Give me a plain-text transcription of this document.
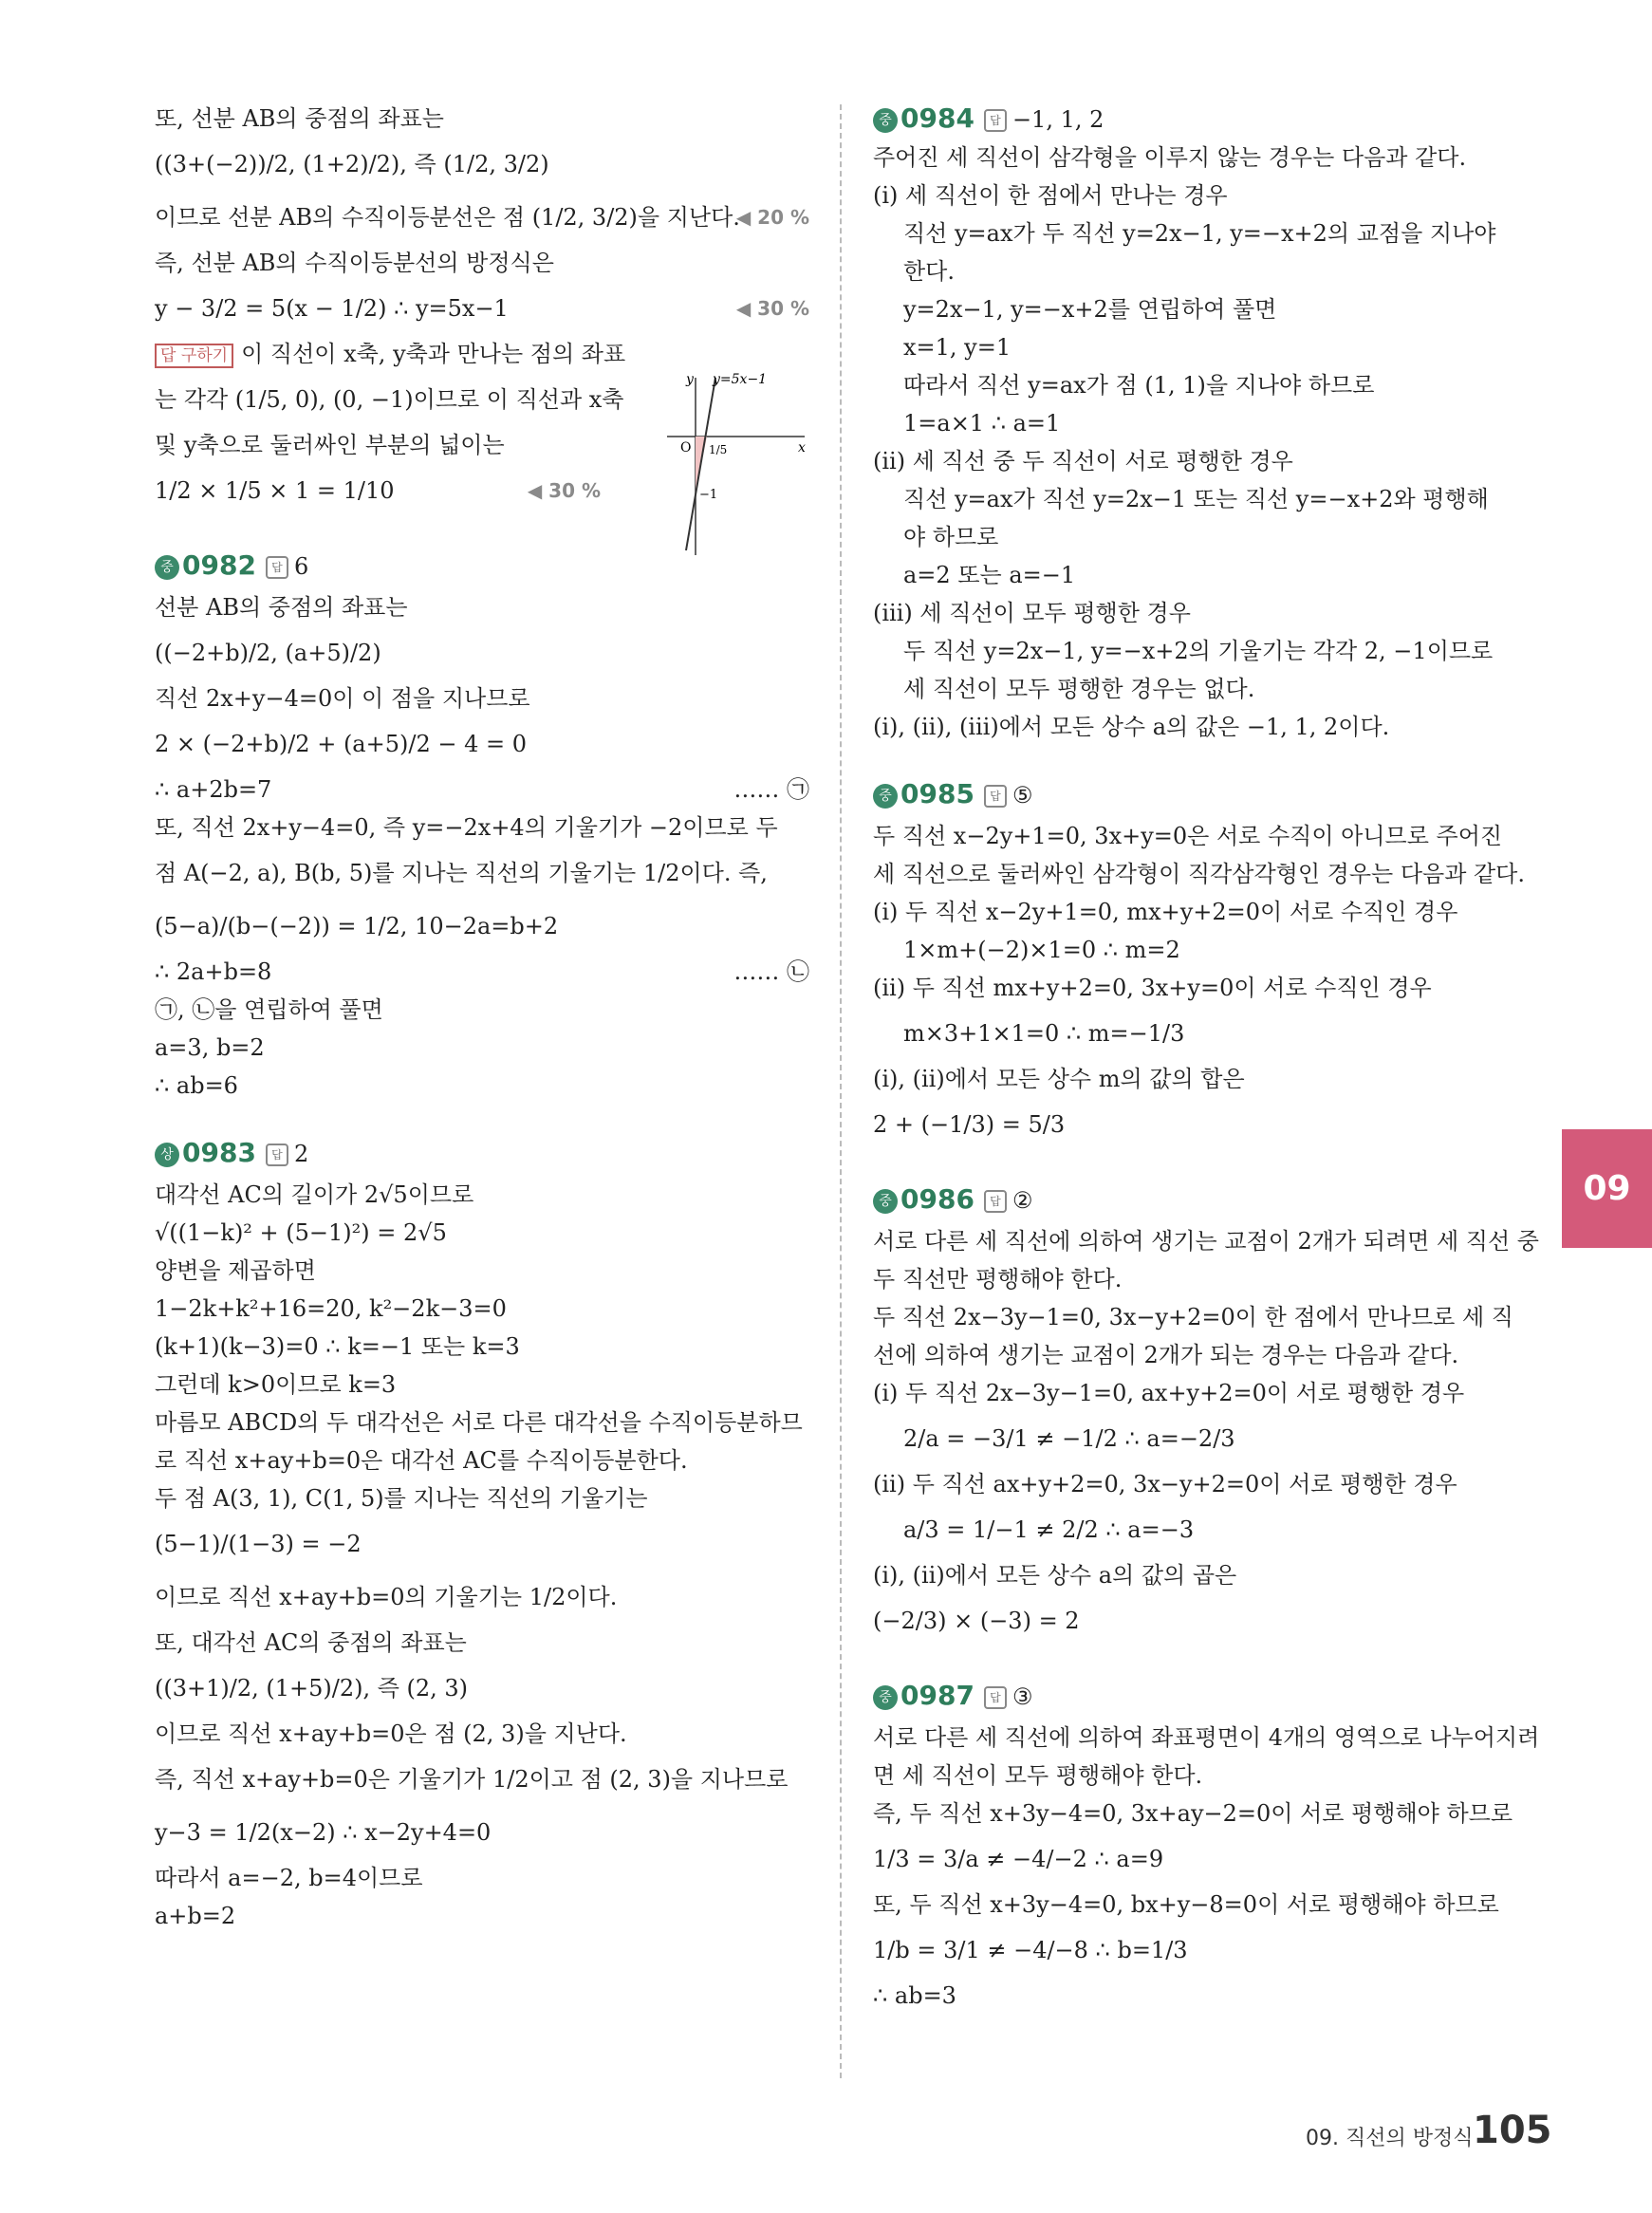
또, 선분 AB의 중점의 좌표는
((3+(−2))/2, (1+2)/2), 즉 (1/2, 3/2)
이므로 선분 AB의 수직이등분선은 점 (1/2, 3/2)을 지난다.
◀ 20 %
즉, 선분 AB의 수직이등분선의 방정식은
y − 3/2 = 5(x − 1/2) ∴ y=5x−1	◀ 30 %
답 구하기 이 직선이 x축, y축과 만나는 점의 좌표
는 각각 (1/5, 0), (0, −1)이므로 이 직선과 x축
및 y축으로 둘러싸인 부분의 넓이는
1/2 × 1/5 × 1 = 1/10	◀ 30 %
y y=5x−1
x
O 1/5
−1
중 0982 답 6
선분 AB의 중점의 좌표는
((−2+b)/2, (a+5)/2)
직선 2x+y−4=0이 이 점을 지나므로
2 × (−2+b)/2 + (a+5)/2 − 4 = 0
∴ a+2b=7	…… ㉠
또, 직선 2x+y−4=0, 즉 y=−2x+4의 기울기가 −2이므로 두
점 A(−2, a), B(b, 5)를 지나는 직선의 기울기는 1/2이다. 즉,
(5−a)/(b−(−2)) = 1/2, 10−2a=b+2
∴ 2a+b=8	…… ㉡
㉠, ㉡을 연립하여 풀면
a=3, b=2
∴ ab=6
상 0983 답 2
대각선 AC의 길이가 2√5이므로
√((1−k)² + (5−1)²) = 2√5
양변을 제곱하면
1−2k+k²+16=20, k²−2k−3=0
(k+1)(k−3)=0 ∴ k=−1 또는 k=3
그런데 k>0이므로 k=3
마름모 ABCD의 두 대각선은 서로 다른 대각선을 수직이등분하므
로 직선 x+ay+b=0은 대각선 AC를 수직이등분한다.
두 점 A(3, 1), C(1, 5)를 지나는 직선의 기울기는
(5−1)/(1−3) = −2
이므로 직선 x+ay+b=0의 기울기는 1/2이다.
또, 대각선 AC의 중점의 좌표는
((3+1)/2, (1+5)/2), 즉 (2, 3)
이므로 직선 x+ay+b=0은 점 (2, 3)을 지난다.
즉, 직선 x+ay+b=0은 기울기가 1/2이고 점 (2, 3)을 지나므로
y−3 = 1/2(x−2) ∴ x−2y+4=0
따라서 a=−2, b=4이므로
a+b=2
중 0984 답 −1, 1, 2
주어진 세 직선이 삼각형을 이루지 않는 경우는 다음과 같다.
(ⅰ) 세 직선이 한 점에서 만나는 경우
직선 y=ax가 두 직선 y=2x−1, y=−x+2의 교점을 지나야
한다.
y=2x−1, y=−x+2를 연립하여 풀면
x=1, y=1
따라서 직선 y=ax가 점 (1, 1)을 지나야 하므로
1=a×1 ∴ a=1
(ⅱ) 세 직선 중 두 직선이 서로 평행한 경우
직선 y=ax가 직선 y=2x−1 또는 직선 y=−x+2와 평행해
야 하므로
a=2 또는 a=−1
(ⅲ) 세 직선이 모두 평행한 경우
두 직선 y=2x−1, y=−x+2의 기울기는 각각 2, −1이므로
세 직선이 모두 평행한 경우는 없다.
(ⅰ), (ⅱ), (ⅲ)에서 모든 상수 a의 값은 −1, 1, 2이다.
중 0985 답 ⑤
두 직선 x−2y+1=0, 3x+y=0은 서로 수직이 아니므로 주어진
세 직선으로 둘러싸인 삼각형이 직각삼각형인 경우는 다음과 같다.
(ⅰ) 두 직선 x−2y+1=0, mx+y+2=0이 서로 수직인 경우
1×m+(−2)×1=0 ∴ m=2
(ⅱ) 두 직선 mx+y+2=0, 3x+y=0이 서로 수직인 경우
m×3+1×1=0 ∴ m=−1/3
(ⅰ), (ⅱ)에서 모든 상수 m의 값의 합은
2 + (−1/3) = 5/3
중 0986 답 ②
서로 다른 세 직선에 의하여 생기는 교점이 2개가 되려면 세 직선 중
두 직선만 평행해야 한다.
두 직선 2x−3y−1=0, 3x−y+2=0이 한 점에서 만나므로 세 직
선에 의하여 생기는 교점이 2개가 되는 경우는 다음과 같다.
(ⅰ) 두 직선 2x−3y−1=0, ax+y+2=0이 서로 평행한 경우
2/a = −3/1 ≠ −1/2 ∴ a=−2/3
(ⅱ) 두 직선 ax+y+2=0, 3x−y+2=0이 서로 평행한 경우
a/3 = 1/−1 ≠ 2/2 ∴ a=−3
(ⅰ), (ⅱ)에서 모든 상수 a의 값의 곱은
(−2/3) × (−3) = 2
중 0987 답 ③
서로 다른 세 직선에 의하여 좌표평면이 4개의 영역으로 나누어지려
면 세 직선이 모두 평행해야 한다.
즉, 두 직선 x+3y−4=0, 3x+ay−2=0이 서로 평행해야 하므로
1/3 = 3/a ≠ −4/−2 ∴ a=9
또, 두 직선 x+3y−4=0, bx+y−8=0이 서로 평행해야 하므로
1/b = 3/1 ≠ −4/−8 ∴ b=1/3
∴ ab=3
09
09. 직선의 방정식 105
